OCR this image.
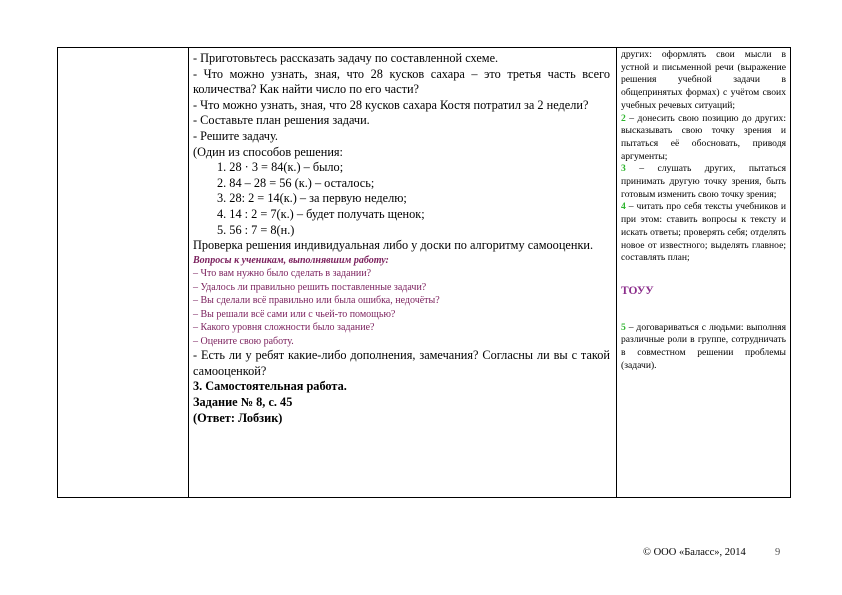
- Приготовьтесь рассказать задачу по составленной схеме.

- Что можно узнать, зная, что 28 кусков сахара – это третья часть всего количества? Как найти число по его части?

- Что можно узнать, зная, что 28 кусков сахара Костя потратил за 2 недели?

- Составьте план решения задачи.

- Решите задачу.

(Один из способов решения:

1. 28 · 3 = 84(к.) – было;

2. 84 – 28 = 56 (к.) – осталось;

3. 28: 2 = 14(к.) – за первую неделю;

4. 14 : 2 = 7(к.) – будет получать щенок;

5. 56 : 7 = 8(н.)

Проверка решения индивидуальная либо у доски по алгоритму самооценки.

Вопросы к ученикам, выполнявшим работу:

– Что вам нужно было сделать в задании?

– Удалось ли правильно решить поставленные задачи?

– Вы сделали всё правильно или была ошибка, недочёты?

– Вы решали всё сами или с чьей-то помощью?

– Какого уровня сложности было задание?

– Оцените свою работу.

- Есть ли у ребят какие-либо дополнения, замечания? Согласны ли вы с такой самооценкой?

3. Самостоятельная работа.

Задание № 8, с. 45

(Ответ: Лобзик)

других: оформлять свои мысли в устной и письменной речи (выражение решения учебной задачи в общепринятых формах) с учётом своих учебных речевых ситуаций;

2 – донесить свою позицию до других: высказывать свою точку зрения и пытаться её обосновать, приводя аргументы;

3 – слушать других, пытаться принимать другую точку зрения, быть готовым изменить свою точку зрения;

4 – читать про себя тексты учебников и при этом: ставить вопросы к тексту и искать ответы; проверять себя; отделять новое от известного; выделять главное; составлять план;

ТОУУ

5 – договариваться с людьми: выполняя различные роли в группе, сотрудничать в совместном решении проблемы (задачи).

© ООО «Баласс», 2014	9
